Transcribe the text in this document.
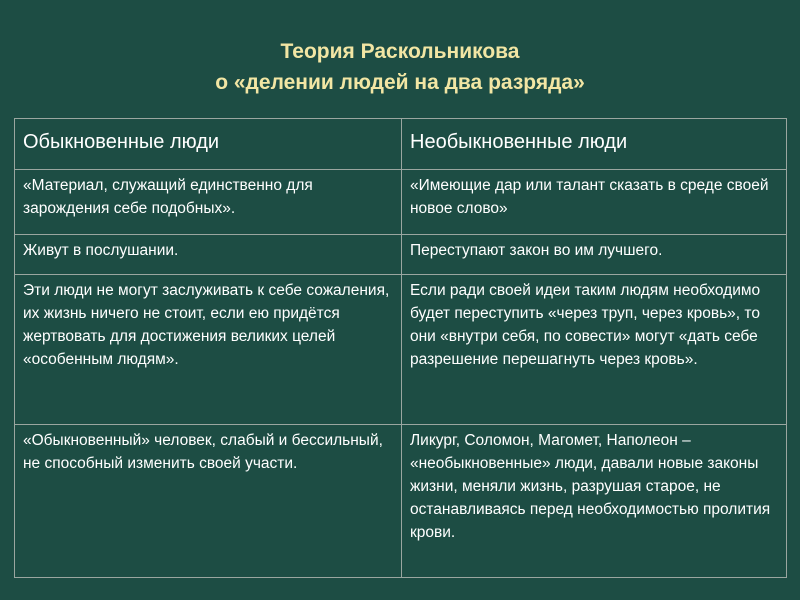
Теория Раскольникова
о «делении людей на два разряда»
Обыкновенные люди	Необыкновенные люди
«Материал, служащий единственно для зарождения себе подобных».	«Имеющие дар или талант сказать в среде своей новое слово»
Живут в послушании.	Переступают закон во им лучшего.
Эти люди не могут заслуживать к себе сожаления, их жизнь ничего не стоит, если ею придётся жертвовать для достижения великих целей «особенным людям».	Если ради своей идеи таким людям необходимо будет переступить «через труп, через кровь», то они «внутри себя, по совести» могут «дать себе разрешение перешагнуть через кровь».
«Обыкновенный» человек, слабый и бессильный, не способный изменить своей участи.	Ликург, Соломон, Магомет, Наполеон – «необыкновенные» люди, давали новые законы жизни, меняли жизнь, разрушая старое, не останавливаясь перед необходимостью пролития крови.
